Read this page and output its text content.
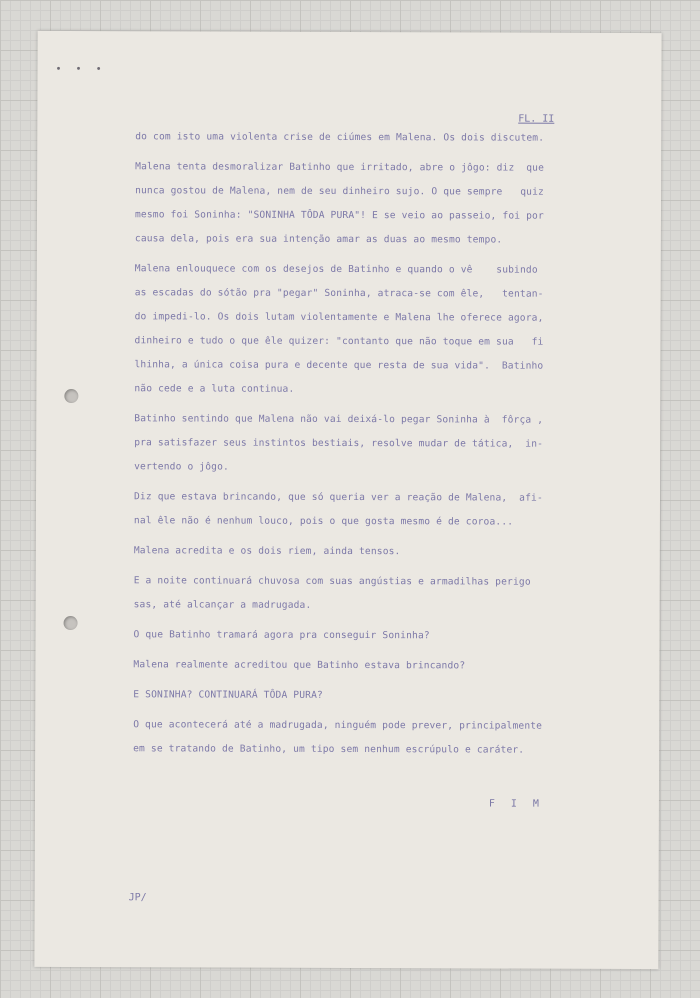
• • •
FL. II
do com isto uma violenta crise de ciúmes em Malena. Os dois discutem.
Malena tenta desmoralizar Batinho que irritado, abre o jôgo: diz  que
nunca gostou de Malena, nem de seu dinheiro sujo. O que sempre   quiz
mesmo foi Soninha: "SONINHA TÔDA PURA"! E se veio ao passeio, foi por
causa dela, pois era sua intenção amar as duas ao mesmo tempo.
Malena enlouquece com os desejos de Batinho e quando o vê    subindo
as escadas do sótão pra "pegar" Soninha, atraca-se com êle,   tentan-
do impedi-lo. Os dois lutam violentamente e Malena lhe oferece agora,
dinheiro e tudo o que êle quizer: "contanto que não toque em sua   fi
lhinha, a única coisa pura e decente que resta de sua vida".  Batinho
não cede e a luta continua.
Batinho sentindo que Malena não vai deixá-lo pegar Soninha à  fôrça ,
pra satisfazer seus instintos bestiais, resolve mudar de tática,  in-
vertendo o jôgo.
Diz que estava brincando, que só queria ver a reação de Malena,  afi-
nal êle não é nenhum louco, pois o que gosta mesmo é de coroa...
Malena acredita e os dois riem, ainda tensos.
E a noite continuará chuvosa com suas angústias e armadilhas perigo
sas, até alcançar a madrugada.
O que Batinho tramará agora pra conseguir Soninha?
Malena realmente acreditou que Batinho estava brincando?
E SONINHA? CONTINUARÁ TÔDA PURA?
O que acontecerá até a madrugada, ninguém pode prever, principalmente
em se tratando de Batinho, um tipo sem nenhum escrúpulo e caráter.
F I M
JP/
